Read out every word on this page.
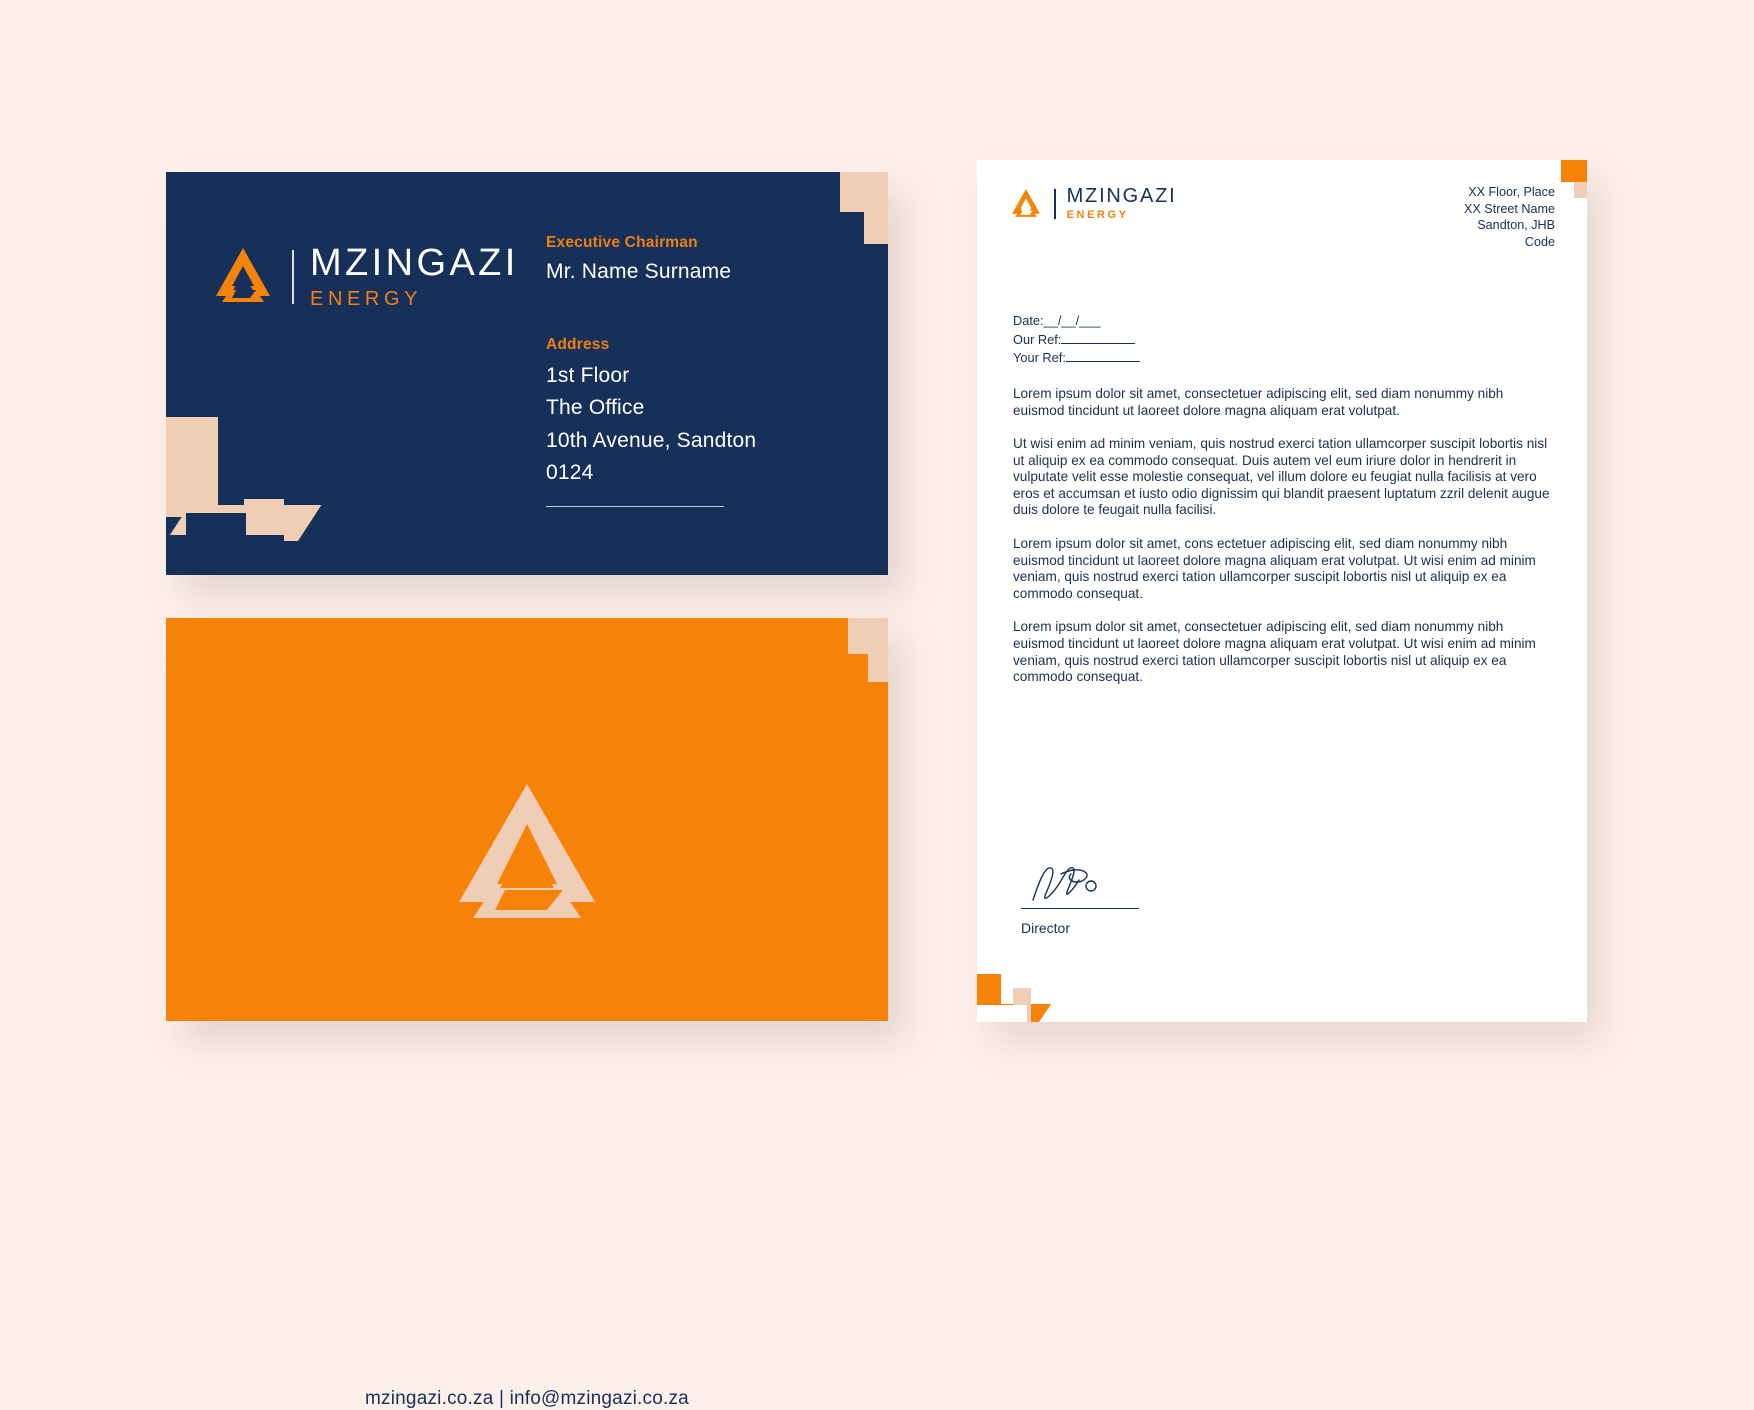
MZINGAZI
ENERGY
Executive Chairman
Mr. Name Surname
Address
1st Floor
The Office
10th Avenue, Sandton
0124
mzingazi.co.za | info@mzingazi.co.za
MZINGAZI
ENERGY
XX Floor, Place
XX Street Name
Sandton, JHB
Code
Date:__/__/___
Our Ref:
Your Ref:

Lorem ipsum dolor sit amet, consectetuer adipiscing elit, sed diam nonummy nibh euismod tincidunt ut laoreet dolore magna aliquam erat volutpat.

Ut wisi enim ad minim veniam, quis nostrud exerci tation ullamcorper suscipit lobortis nisl ut aliquip ex ea commodo consequat. Duis autem vel eum iriure dolor in hendrerit in vulputate velit esse molestie consequat, vel illum dolore eu feugiat nulla facilisis at vero eros et accumsan et iusto odio dignissim qui blandit praesent luptatum zzril delenit augue duis dolore te feugait nulla facilisi.

Lorem ipsum dolor sit amet, cons ectetuer adipiscing elit, sed diam nonummy nibh euismod tincidunt ut laoreet dolore magna aliquam erat volutpat. Ut wisi enim ad minim veniam, quis nostrud exerci tation ullamcorper suscipit lobortis nisl ut aliquip ex ea commodo consequat.

Lorem ipsum dolor sit amet, consectetuer adipiscing elit, sed diam nonummy nibh euismod tincidunt ut laoreet dolore magna aliquam erat volutpat. Ut wisi enim ad minim veniam, quis nostrud exerci tation ullamcorper suscipit lobortis nisl ut aliquip ex ea commodo consequat.

Director
